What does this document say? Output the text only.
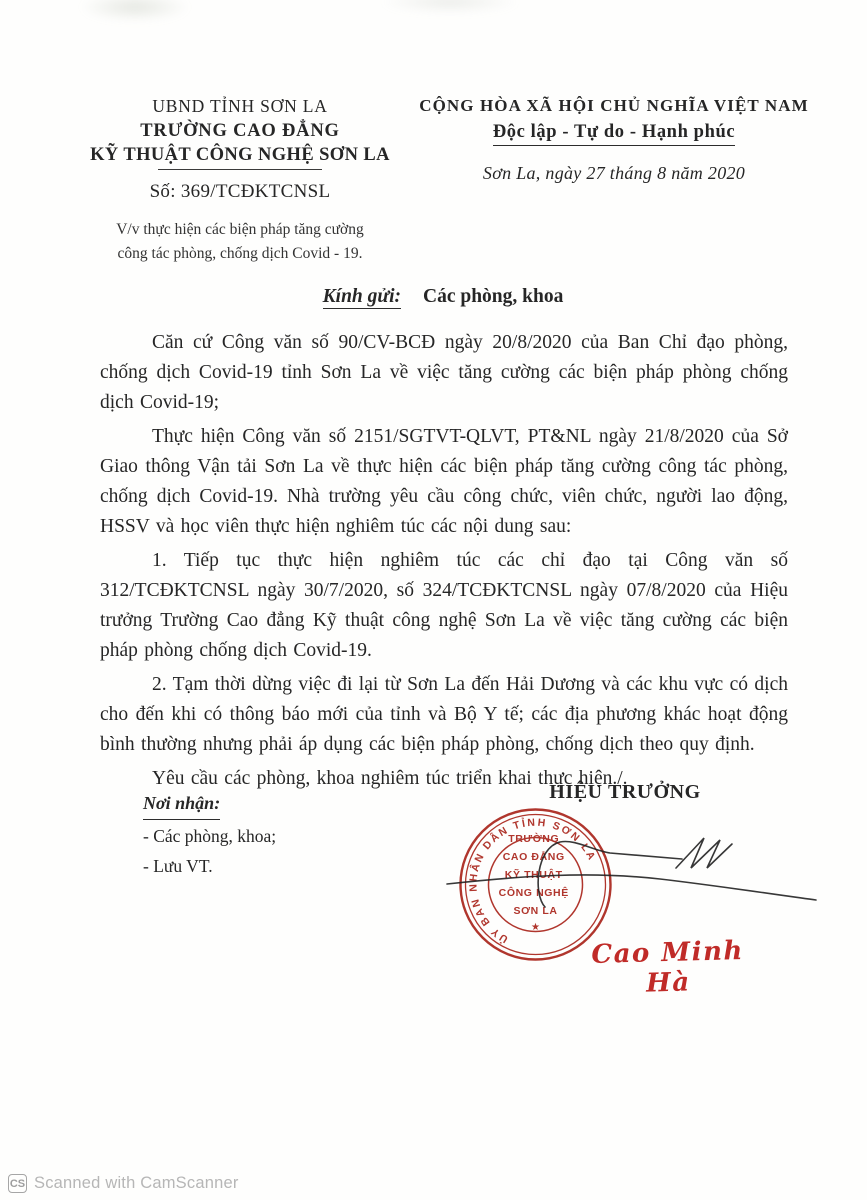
UBND TỈNH SƠN LA
TRƯỜNG CAO ĐẲNG
KỸ THUẬT CÔNG NGHỆ SƠN LA
Số: 369/TCĐKTCNSL
V/v thực hiện các biện pháp tăng cường
công tác phòng, chống dịch Covid - 19.
CỘNG HÒA XÃ HỘI CHỦ NGHĨA VIỆT NAM
Độc lập - Tự do - Hạnh phúc
Sơn La, ngày 27 tháng 8 năm 2020
Kính gửi: Các phòng, khoa

Căn cứ Công văn số 90/CV-BCĐ ngày 20/8/2020 của Ban Chỉ đạo phòng, chống dịch Covid-19 tỉnh Sơn La về việc tăng cường các biện pháp phòng chống dịch Covid-19;

Thực hiện Công văn số 2151/SGTVT-QLVT, PT&NL ngày 21/8/2020 của Sở Giao thông Vận tải Sơn La về thực hiện các biện pháp tăng cường công tác phòng, chống dịch Covid-19. Nhà trường yêu cầu công chức, viên chức, người lao động, HSSV và học viên thực hiện nghiêm túc các nội dung sau:

1. Tiếp tục thực hiện nghiêm túc các chỉ đạo tại Công văn số 312/TCĐKTCNSL ngày 30/7/2020, số 324/TCĐKTCNSL ngày 07/8/2020 của Hiệu trưởng Trường Cao đẳng Kỹ thuật công nghệ Sơn La về việc tăng cường các biện pháp phòng chống dịch Covid-19.

2. Tạm thời dừng việc đi lại từ Sơn La đến Hải Dương và các khu vực có dịch cho đến khi có thông báo mới của tỉnh và Bộ Y tế; các địa phương khác hoạt động bình thường nhưng phải áp dụng các biện pháp phòng, chống dịch theo quy định.

Yêu cầu các phòng, khoa nghiêm túc triển khai thực hiện./.

Nơi nhận:
- Các phòng, khoa;
- Lưu VT.
HIỆU TRƯỞNG
ỦY BAN NHÂN DÂN TỈNH SƠN LA
TRƯỜNG CAO ĐẲNG KỸ THUẬT CÔNG NGHỆ SƠN LA
★
Cao Minh Hà
CS Scanned with CamScanner
